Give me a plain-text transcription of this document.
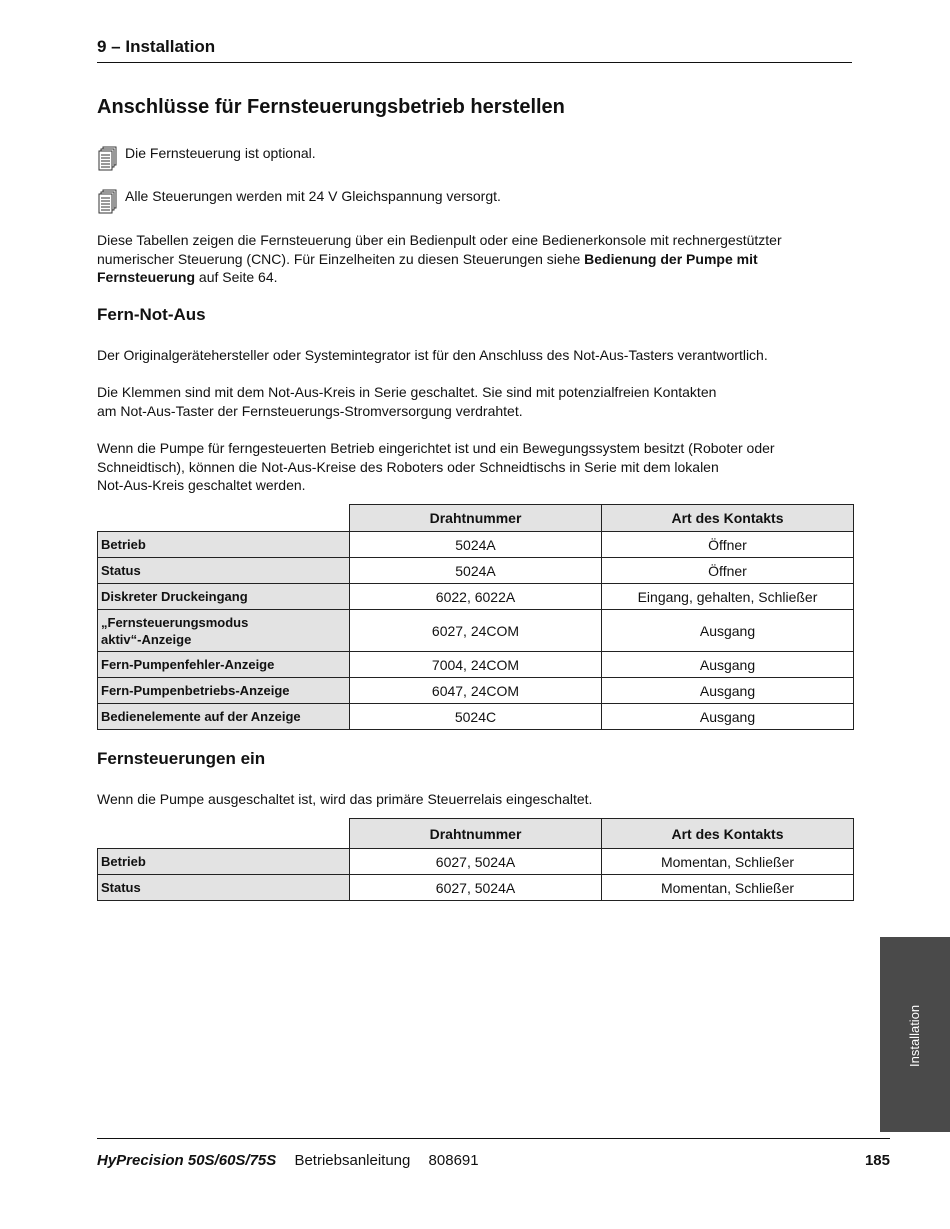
9 – Installation
Anschlüsse für Fernsteuerungsbetrieb herstellen
Die Fernsteuerung ist optional.
Alle Steuerungen werden mit 24 V Gleichspannung versorgt.

Diese Tabellen zeigen die Fernsteuerung über ein Bedienpult oder eine Bedienerkonsole mit rechnergestützter
numerischer Steuerung (CNC). Für Einzelheiten zu diesen Steuerungen siehe Bedienung der Pumpe mit
Fernsteuerung auf Seite 64.

Fern-Not-Aus

Der Originalgerätehersteller oder Systemintegrator ist für den Anschluss des Not-Aus-Tasters verantwortlich.

Die Klemmen sind mit dem Not-Aus-Kreis in Serie geschaltet. Sie sind mit potenzialfreien Kontakten
am Not-Aus-Taster der Fernsteuerungs-Stromversorgung verdrahtet.

Wenn die Pumpe für ferngesteuerten Betrieb eingerichtet ist und ein Bewegungssystem besitzt (Roboter oder
Schneidtisch), können die Not-Aus-Kreise des Roboters oder Schneidtischs in Serie mit dem lokalen
Not-Aus-Kreis geschaltet werden.

	Drahtnummer	Art des Kontakts
Betrieb	5024A	Öffner
Status	5024A	Öffner
Diskreter Druckeingang	6022, 6022A	Eingang, gehalten, Schließer
„Fernsteuerungsmodus
aktiv“-Anzeige	6027, 24COM	Ausgang
Fern-Pumpenfehler-Anzeige	7004, 24COM	Ausgang
Fern-Pumpenbetriebs-Anzeige	6047, 24COM	Ausgang
Bedienelemente auf der Anzeige	5024C	Ausgang
Fernsteuerungen ein

Wenn die Pumpe ausgeschaltet ist, wird das primäre Steuerrelais eingeschaltet.

	Drahtnummer	Art des Kontakts
Betrieb	6027, 5024A	Momentan, Schließer
Status	6027, 5024A	Momentan, Schließer
Installation
HyPrecision 50S/60S/75S Betriebsanleitung 808691	185
